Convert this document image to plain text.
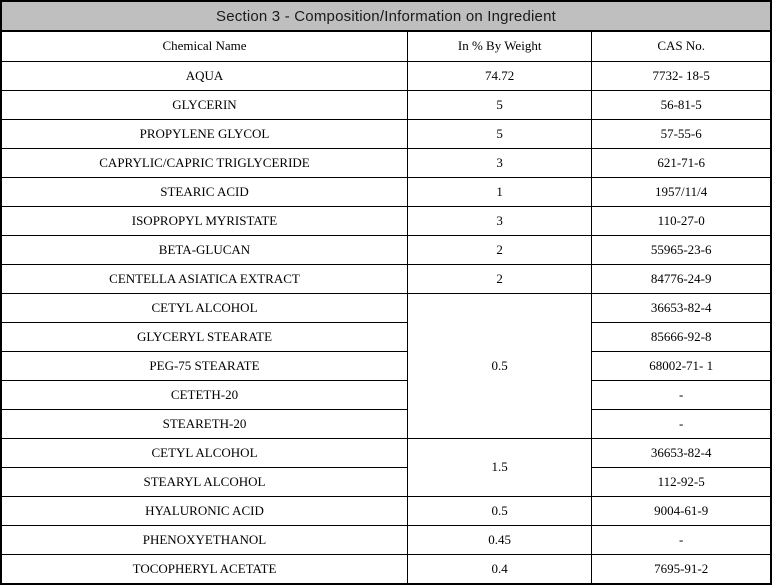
Section 3 - Composition/Information on Ingredient
Chemical Name	In % By Weight	CAS No.
AQUA	74.72	7732- 18-5
GLYCERIN	5	56-81-5
PROPYLENE GLYCOL	5	57-55-6
CAPRYLIC/CAPRIC TRIGLYCERIDE	3	621-71-6
STEARIC ACID	1	1957/11/4
ISOPROPYL MYRISTATE	3	110-27-0
BETA-GLUCAN	2	55965-23-6
CENTELLA ASIATICA EXTRACT	2	84776-24-9
CETYL ALCOHOL	0.5	36653-82-4
GLYCERYL STEARATE		85666-92-8
PEG-75 STEARATE		68002-71- 1
CETETH-20		-
STEARETH-20		-
CETYL ALCOHOL	1.5	36653-82-4
STEARYL ALCOHOL		112-92-5
HYALURONIC ACID	0.5	9004-61-9
PHENOXYETHANOL	0.45	-
TOCOPHERYL ACETATE	0.4	7695-91-2
